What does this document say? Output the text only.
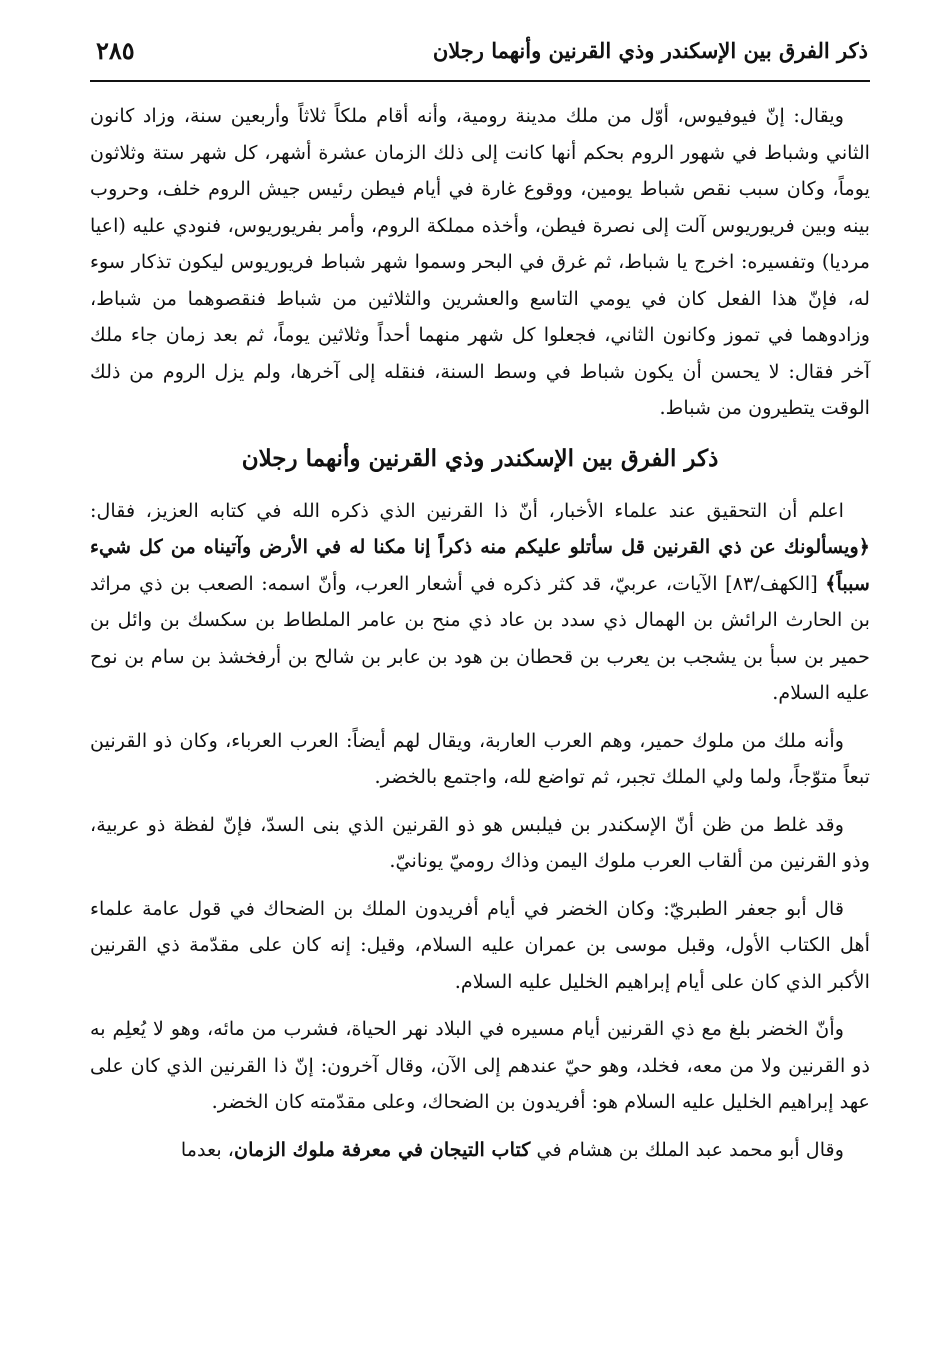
ذكر الفرق بين الإسكندر وذي القرنين وأنهما رجلان
٢٨٥

ويقال: إنّ فيوفيوس، أوّل من ملك مدينة رومية، وأنه أقام ملكاً ثلاثاً وأربعين سنة، وزاد كانون الثاني وشباط في شهور الروم بحكم أنها كانت إلى ذلك الزمان عشرة أشهر، كل شهر ستة وثلاثون يوماً، وكان سبب نقص شباط يومين، ووقوع غارة في أيام فيطن رئيس جيش الروم خلف، وحروب بينه وبين فريوريوس آلت إلى نصرة فيطن، وأخذه مملكة الروم، وأمر بفريوريوس، فنودي عليه (اعيا مرديا) وتفسيره: اخرج يا شباط، ثم غرق في البحر وسموا شهر شباط فريوريوس ليكون تذكار سوء له، فإنّ هذا الفعل كان في يومي التاسع والعشرين والثلاثين من شباط فنقصوهما من شباط، وزادوهما في تموز وكانون الثاني، فجعلوا كل شهر منهما أحداً وثلاثين يوماً، ثم بعد زمان جاء ملك آخر فقال: لا يحسن أن يكون شباط في وسط السنة، فنقله إلى آخرها، ولم يزل الروم من ذلك الوقت يتطيرون من شباط.

ذكر الفرق بين الإسكندر وذي القرنين وأنهما رجلان

اعلم أن التحقيق عند علماء الأخبار، أنّ ذا القرنين الذي ذكره الله في كتابه العزيز، فقال: ﴿ويسألونك عن ذي القرنين قل سأتلو عليكم منه ذكراً إنا مكنا له في الأرض وآتيناه من كل شيء سبباً﴾ [الكهف/٨٣] الآيات، عربيّ، قد كثر ذكره في أشعار العرب، وأنّ اسمه: الصعب بن ذي مراثد بن الحارث الرائش بن الهمال ذي سدد بن عاد ذي منح بن عامر الملطاط بن سكسك بن وائل بن حمير بن سبأ بن يشجب بن يعرب بن قحطان بن هود بن عابر بن شالح بن أرفخشذ بن سام بن نوح عليه السلام.

وأنه ملك من ملوك حمير، وهم العرب العاربة، ويقال لهم أيضاً: العرب العرباء، وكان ذو القرنين تبعاً متوّجاً، ولما ولي الملك تجبر، ثم تواضع لله، واجتمع بالخضر.

وقد غلط من ظن أنّ الإسكندر بن فيلبس هو ذو القرنين الذي بنى السدّ، فإنّ لفظة ذو عربية، وذو القرنين من ألقاب العرب ملوك اليمن وذاك روميّ يونانيّ.

قال أبو جعفر الطبريّ: وكان الخضر في أيام أفريدون الملك بن الضحاك في قول عامة علماء أهل الكتاب الأول، وقبل موسى بن عمران عليه السلام، وقيل: إنه كان على مقدّمة ذي القرنين الأكبر الذي كان على أيام إبراهيم الخليل عليه السلام.

وأنّ الخضر بلغ مع ذي القرنين أيام مسيره في البلاد نهر الحياة، فشرب من مائه، وهو لا يُعلِم به ذو القرنين ولا من معه، فخلد، وهو حيّ عندهم إلى الآن، وقال آخرون: إنّ ذا القرنين الذي كان على عهد إبراهيم الخليل عليه السلام هو: أفريدون بن الضحاك، وعلى مقدّمته كان الخضر.

وقال أبو محمد عبد الملك بن هشام في كتاب التيجان في معرفة ملوك الزمان، بعدما
